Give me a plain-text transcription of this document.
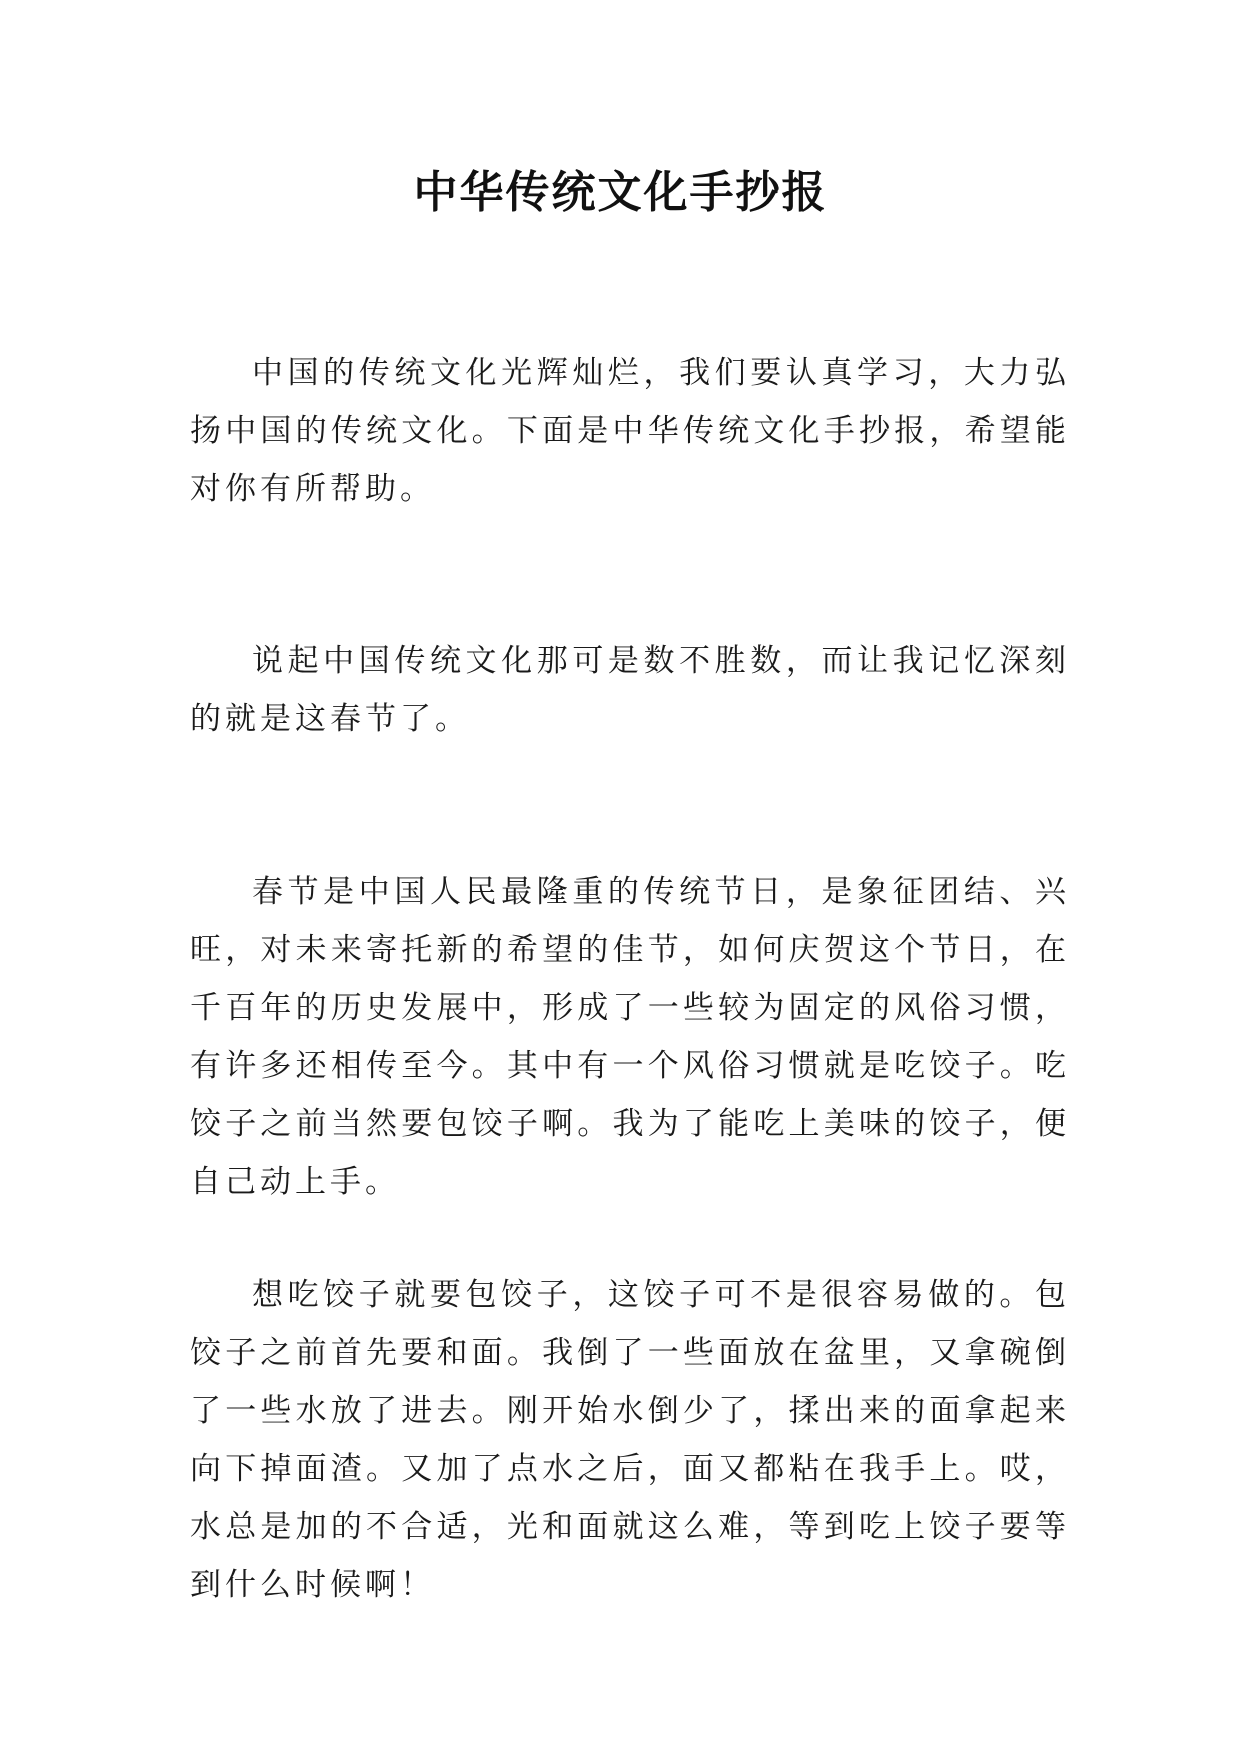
中华传统文化手抄报

中国的传统文化光辉灿烂，我们要认真学习，大力弘扬中国的传统文化。下面是中华传统文化手抄报，希望能对你有所帮助。

说起中国传统文化那可是数不胜数，而让我记忆深刻的就是这春节了。

春节是中国人民最隆重的传统节日，是象征团结、兴旺，对未来寄托新的希望的佳节，如何庆贺这个节日，在千百年的历史发展中，形成了一些较为固定的风俗习惯，有许多还相传至今。其中有一个风俗习惯就是吃饺子。吃饺子之前当然要包饺子啊。我为了能吃上美味的饺子，便自己动上手。

想吃饺子就要包饺子，这饺子可不是很容易做的。包饺子之前首先要和面。我倒了一些面放在盆里，又拿碗倒了一些水放了进去。刚开始水倒少了，揉出来的面拿起来向下掉面渣。又加了点水之后，面又都粘在我手上。哎，水总是加的不合适，光和面就这么难，等到吃上饺子要等到什么时候啊！
